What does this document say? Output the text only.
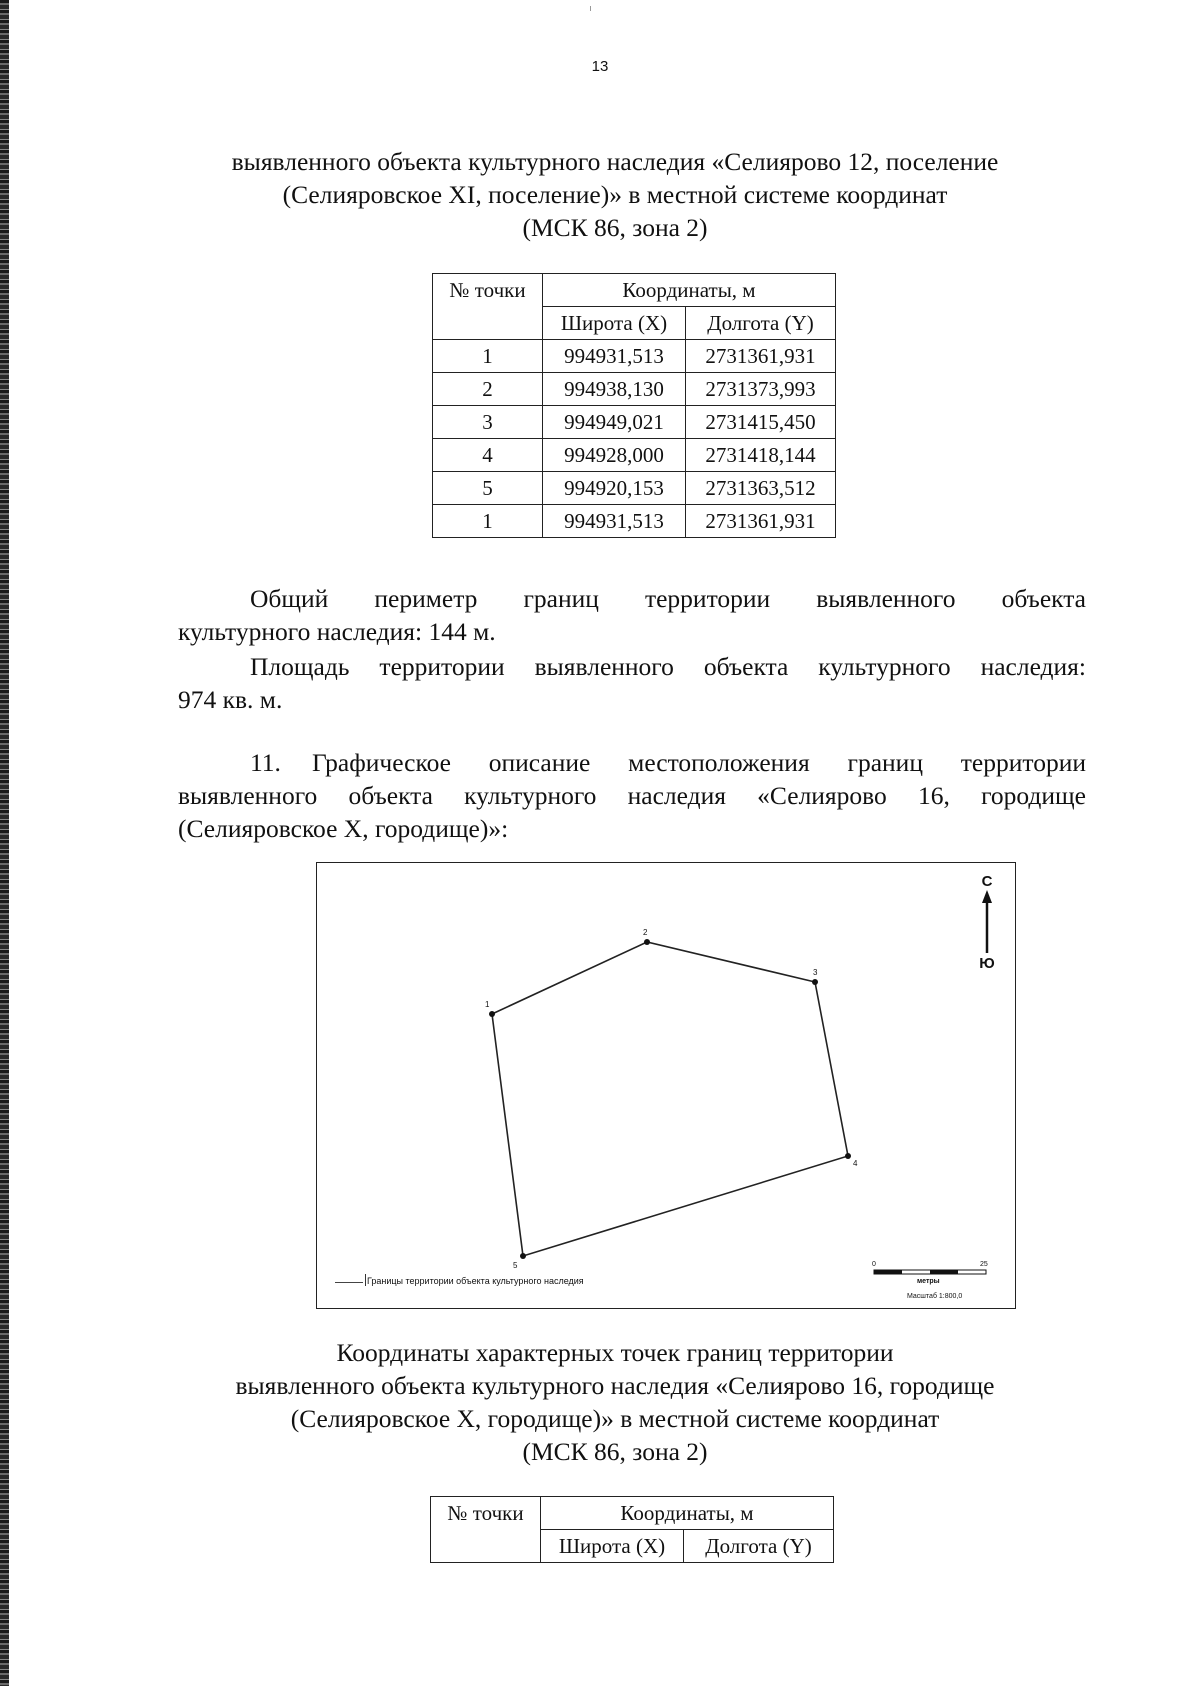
13
выявленного объекта культурного наследия «Селиярово 12, поселение
(Селияровское XI, поселение)» в местной системе координат
(МСК 86, зона 2)
№ точки	Координаты, м	
	Широта (X)	Долгота (Y)
1	994931,513	2731361,931
2	994938,130	2731373,993
3	994949,021	2731415,450
4	994928,000	2731418,144
5	994920,153	2731363,512
1	994931,513	2731361,931
Общий периметр границ территории выявленного объекта
культурного наследия: 144 м.
Площадь территории выявленного объекта культурного наследия:
974 кв. м.
11.	Графическое описание местоположения границ территории
выявленного объекта культурного наследия «Селиярово 16, городище
(Селияровское X, городище)»:
1
2
3
4
5
С
Ю
Границы территории объекта культурного наследия
0	25
метры
Масштаб 1:800,0
Координаты характерных точек границ территории
выявленного объекта культурного наследия «Селиярово 16, городище
(Селияровское X, городище)» в местной системе координат
(МСК 86, зона 2)
№ точки	Координаты, м	
	Широта (X)	Долгота (Y)
